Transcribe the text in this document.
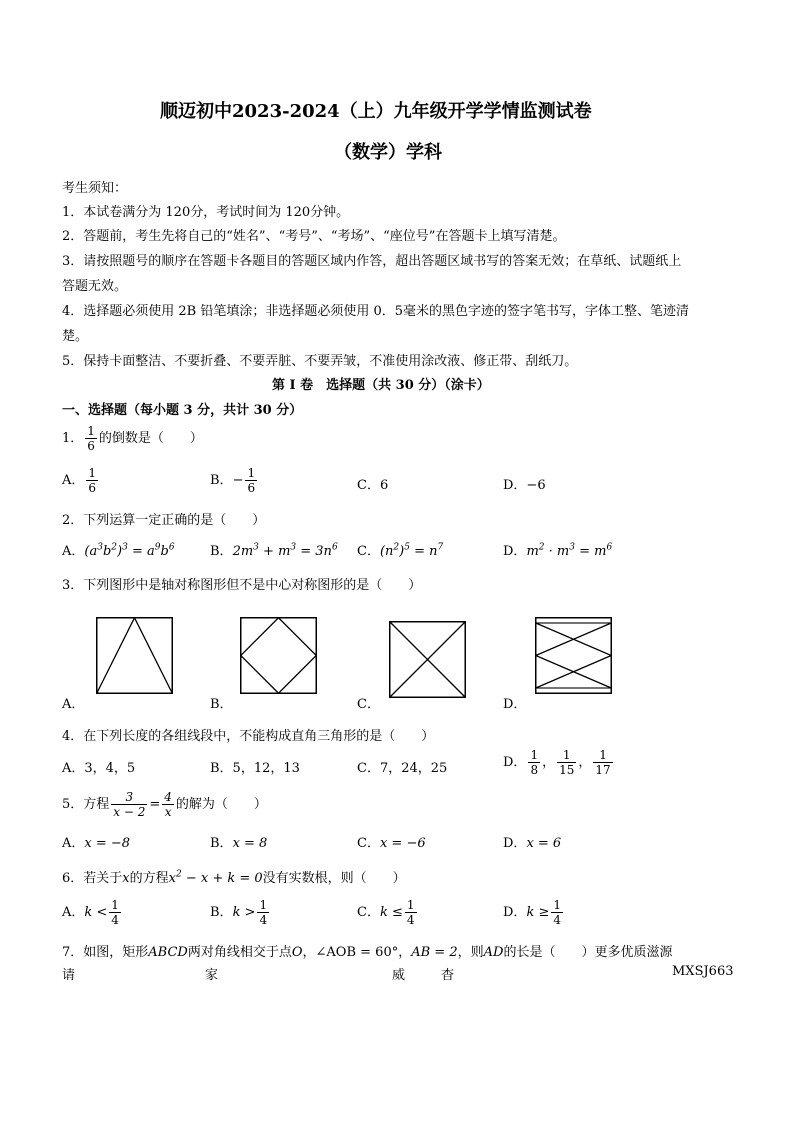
顺迈初中2023-2024（上）九年级开学学情监测试卷
（数学）学科
考生须知：
1．本试卷满分为 120分，考试时间为 120分钟。
2．答题前，考生先将自己的“姓名”、“考号”、“考场”、“座位号”在答题卡上填写清楚。
3．请按照题号的顺序在答题卡各题目的答题区域内作答，超出答题区域书写的答案无效；在草纸、试题纸上
答题无效。
4．选择题必须使用 2B 铅笔填涂；非选择题必须使用 0．5毫米的黑色字迹的签字笔书写，字体工整、笔迹清
楚。
5．保持卡面整洁、不要折叠、不要弄脏、不要弄皱，不准使用涂改液、修正带、刮纸刀。
第 I 卷　选择题（共 30 分）（涂卡）
一、选择题（每小题 3 分，共计 30 分）
1． $\frac{1}{6}$ 的倒数是（　　）
A． $\frac{1}{6}$	B．− $\frac{1}{6}$	C．6	D．−6
2．下列运算一定正确的是（　　）
A．$(a^3b^2)^3 = a^9b^6$	B．$2m^3 + m^3 = 3n^6$ C．$(n^2)^5 = n^7$	D．$m^2 \cdot m^3 = m^6$
3．下列图形中是轴对称图形但不是中心对称图形的是（　　）
A．	B．	C．	D．
4．在下列长度的各组线段中，不能构成直角三角形的是（　　）
A．3，4，5	B．5，12，13	C．7，24，25	D． $\frac{1}{8}$ ， $\frac{1}{15}$ ， $\frac{1}{17}$
5．方程 $\frac{3}{x - 2} = \frac{4}{x}$ 的解为（　　）
A．x = −8	B．x = 8	C．x = −6	D．x = 6
6．若关于x的方程$x^2 - x + k = 0$没有实数根，则（　　）
A．$k < \frac{1}{4}$	B．$k > \frac{1}{4}$	C．$k \le \frac{1}{4}$	D．$k \ge \frac{1}{4}$
7．如图，矩形ABCD两对角线相交于点O，∠AOB = 60°，AB = 2，则AD的长是（　　）更多优质滋源
请	家	威	杳	MXSJ663
